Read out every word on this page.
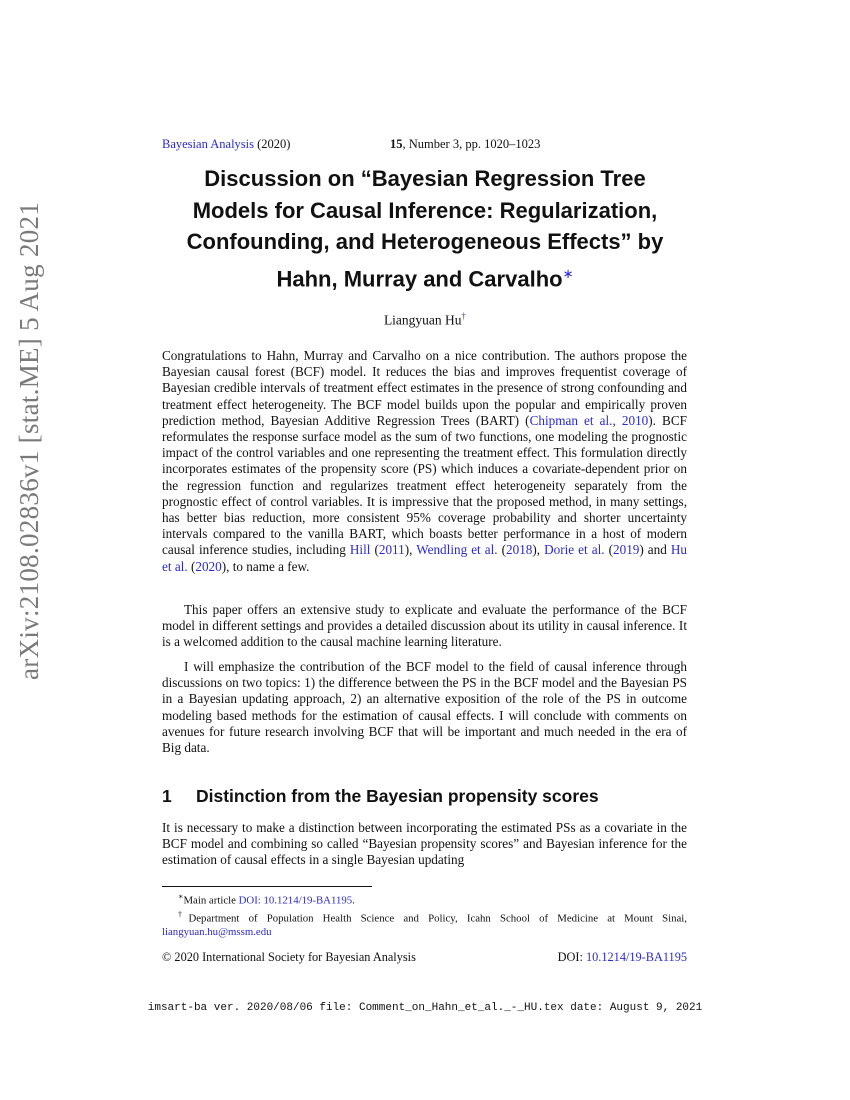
arXiv:2108.02836v1 [stat.ME] 5 Aug 2021
Bayesian Analysis (2020)	15, Number 3, pp. 1020–1023
Discussion on “Bayesian Regression Tree
Models for Causal Inference: Regularization,
Confounding, and Heterogeneous Effects” by
Hahn, Murray and Carvalho∗
Liangyuan Hu†
Congratulations to Hahn, Murray and Carvalho on a nice contribution. The authors propose the Bayesian causal forest (BCF) model. It reduces the bias and improves frequentist coverage of Bayesian credible intervals of treatment effect estimates in the presence of strong confounding and treatment effect heterogeneity. The BCF model builds upon the popular and empirically proven prediction method, Bayesian Additive Regression Trees (BART) (Chipman et al., 2010). BCF reformulates the response surface model as the sum of two functions, one modeling the prognostic impact of the control variables and one representing the treatment effect. This formulation directly incorporates estimates of the propensity score (PS) which induces a covariate-dependent prior on the regression function and regularizes treatment effect heterogeneity separately from the prognostic effect of control variables. It is impressive that the proposed method, in many settings, has better bias reduction, more consistent 95% coverage probability and shorter uncertainty intervals compared to the vanilla BART, which boasts better performance in a host of modern causal inference studies, including Hill (2011), Wendling et al. (2018), Dorie et al. (2019) and Hu et al. (2020), to name a few.
This paper offers an extensive study to explicate and evaluate the performance of the BCF model in different settings and provides a detailed discussion about its utility in causal inference. It is a welcomed addition to the causal machine learning literature.
I will emphasize the contribution of the BCF model to the field of causal inference through discussions on two topics: 1) the difference between the PS in the BCF model and the Bayesian PS in a Bayesian updating approach, 2) an alternative exposition of the role of the PS in outcome modeling based methods for the estimation of causal effects. I will conclude with comments on avenues for future research involving BCF that will be important and much needed in the era of Big data.
1 Distinction from the Bayesian propensity scores
It is necessary to make a distinction between incorporating the estimated PSs as a covariate in the BCF model and combining so called “Bayesian propensity scores” and Bayesian inference for the estimation of causal effects in a single Bayesian updating
∗Main article DOI: 10.1214/19-BA1195.
†Department of Population Health Science and Policy, Icahn School of Medicine at Mount Sinai, liangyuan.hu@mssm.edu
© 2020 International Society for Bayesian Analysis	DOI: 10.1214/19-BA1195
imsart-ba ver. 2020/08/06 file: Comment_on_Hahn_et_al._-_HU.tex date: August 9, 2021
